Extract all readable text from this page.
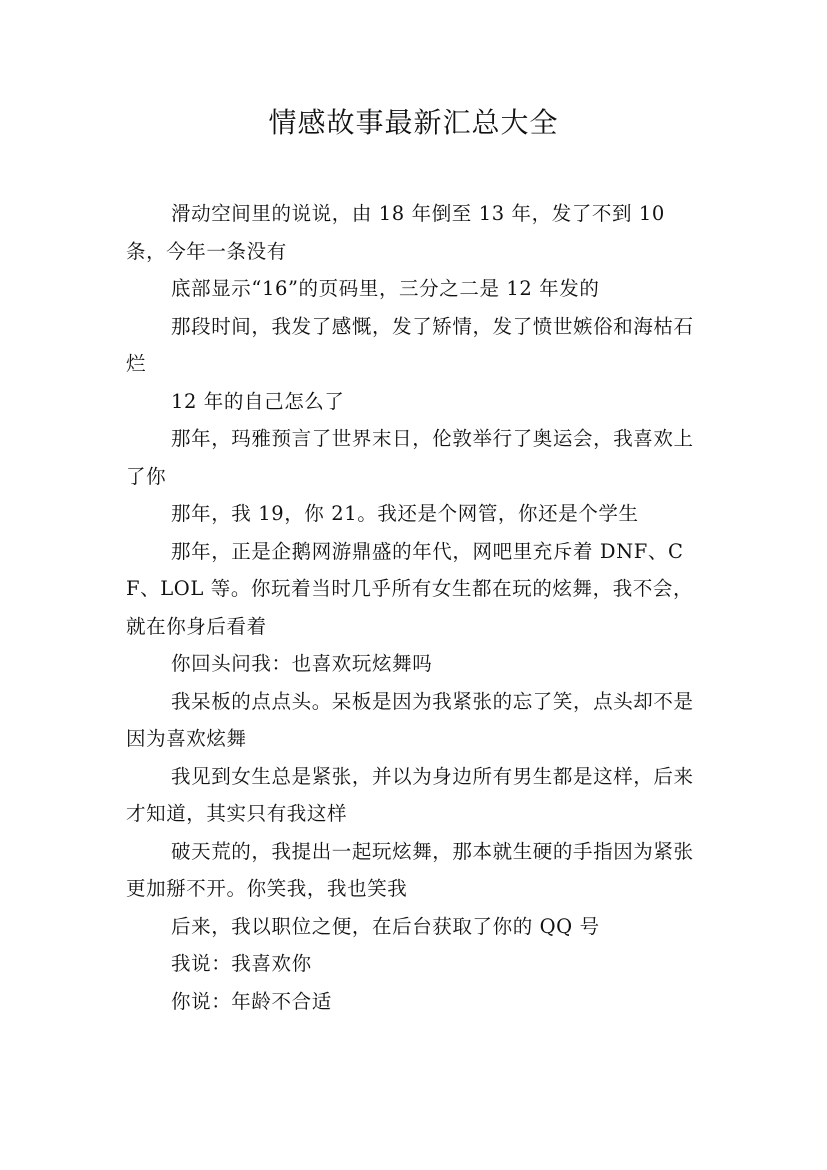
情感故事最新汇总大全

滑动空间里的说说，由 18 年倒至 13 年，发了不到 10 条，今年一条没有

底部显示“16”的页码里，三分之二是 12 年发的

那段时间，我发了感慨，发了矫情，发了愤世嫉俗和海枯石烂

12 年的自己怎么了

那年，玛雅预言了世界末日，伦敦举行了奥运会，我喜欢上了你

那年，我 19，你 21。我还是个网管，你还是个学生

那年，正是企鹅网游鼎盛的年代，网吧里充斥着 DNF、CF、LOL 等。你玩着当时几乎所有女生都在玩的炫舞，我不会，就在你身后看着

你回头问我：也喜欢玩炫舞吗

我呆板的点点头。呆板是因为我紧张的忘了笑，点头却不是因为喜欢炫舞

我见到女生总是紧张，并以为身边所有男生都是这样，后来才知道，其实只有我这样

破天荒的，我提出一起玩炫舞，那本就生硬的手指因为紧张更加掰不开。你笑我，我也笑我

后来，我以职位之便，在后台获取了你的 QQ 号

我说：我喜欢你

你说：年龄不合适
